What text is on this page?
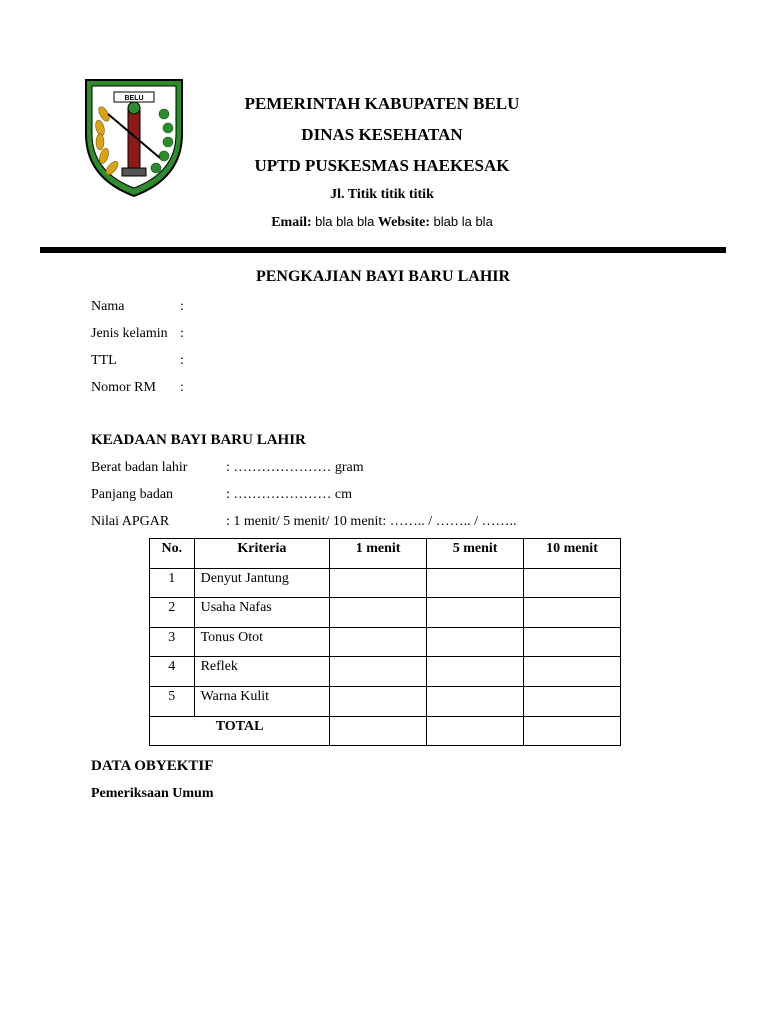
BELU	PEMERINTAH KABUPATEN BELU
DINAS KESEHATAN
UPTD PUSKESMAS HAEKESAK
Jl. Titik titik titik
Email: bla bla bla Website: blab la bla
PENGKAJIAN BAYI BARU LAHIR
Nama	:
Jenis kelamin :
TTL	:
Nomor RM :
KEADAAN BAYI BARU LAHIR
Berat badan lahir	: ………………… gram
Panjang badan	: ………………… cm
Nilai APGAR	: 1 menit/ 5 menit/ 10 menit: …….. / …….. / ……..
No.	Kriteria	1 menit	5 menit	10 menit
1	Denyut Jantung			
2	Usaha Nafas			
3	Tonus Otot			
4	Reflek			
5	Warna Kulit			
TOTAL				
DATA OBYEKTIF
Pemeriksaan Umum
